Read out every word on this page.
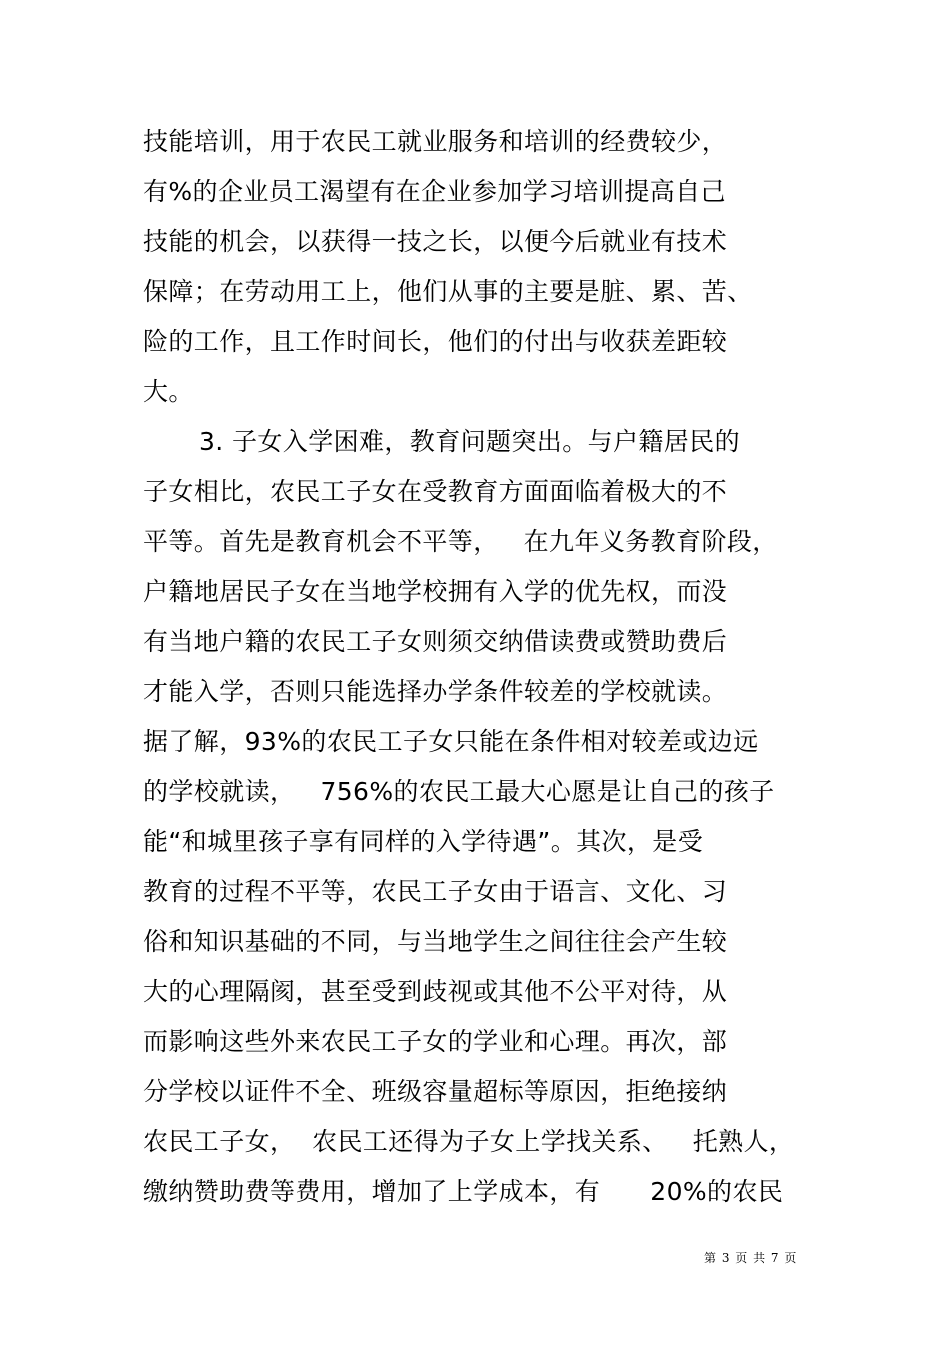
技能培训，用于农民工就业服务和培训的经费较少，
有%的企业员工渴望有在企业参加学习培训提高自己
技能的机会，以获得一技之长，以便今后就业有技术
保障；在劳动用工上，他们从事的主要是脏、累、苦、
险的工作，且工作时间长，他们的付出与收获差距较
大。
3. 子女入学困难，教育问题突出。与户籍居民的
子女相比，农民工子女在受教育方面面临着极大的不
平等。首先是教育机会不平等，   在九年义务教育阶段，
户籍地居民子女在当地学校拥有入学的优先权，而没
有当地户籍的农民工子女则须交纳借读费或赞助费后
才能入学，否则只能选择办学条件较差的学校就读。
据了解，93%的农民工子女只能在条件相对较差或边远
的学校就读，   756%的农民工最大心愿是让自己的孩子
能“和城里孩子享有同样的入学待遇”。其次，是受
教育的过程不平等，农民工子女由于语言、文化、习
俗和知识基础的不同，与当地学生之间往往会产生较
大的心理隔阂，甚至受到歧视或其他不公平对待，从
而影响这些外来农民工子女的学业和心理。再次，部
分学校以证件不全、班级容量超标等原因，拒绝接纳
农民工子女，  农民工还得为子女上学找关系、   托熟人，
缴纳赞助费等费用，增加了上学成本，有      20%的农民
第 3 页 共 7 页
